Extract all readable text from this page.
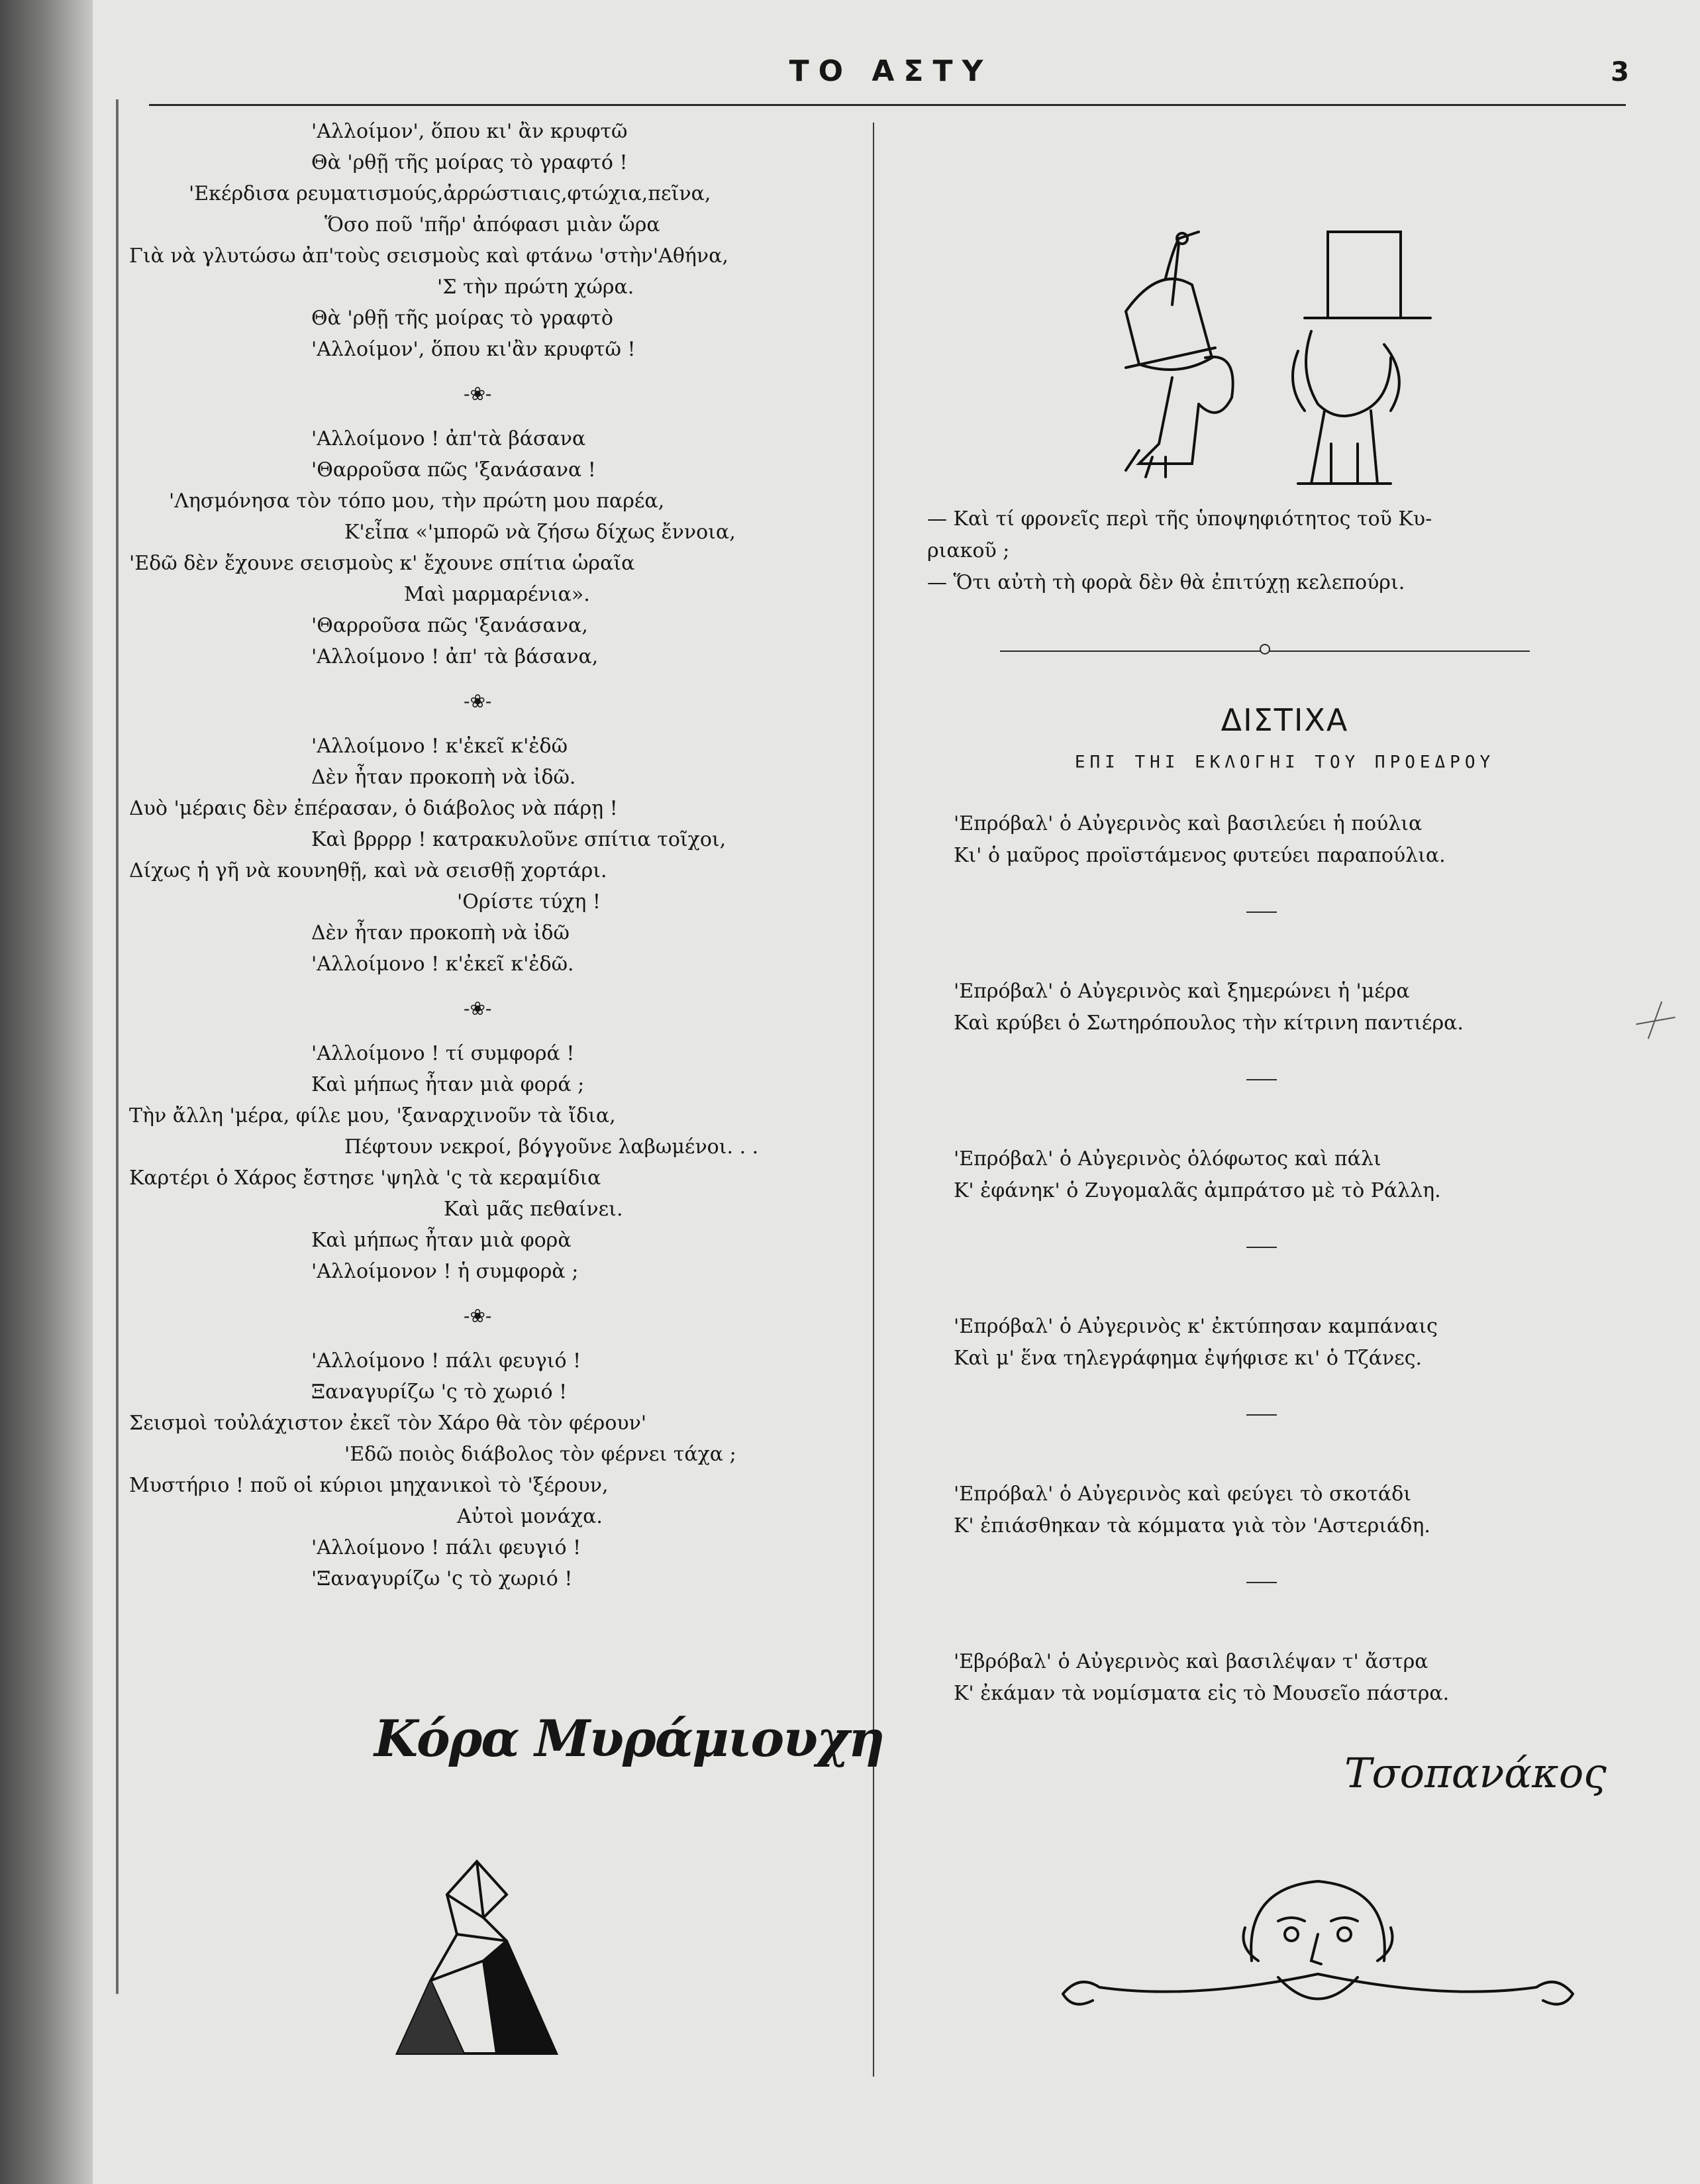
ΤΟ ΑΣΤΥ	3
'Αλλοίμον', ὅπου κι' ἂν κρυφτῶ
Θὰ 'ρθῇ τῆς μοίρας τὸ γραφτό !
'Εκέρδισα ρευματισμούς,ἀρρώστιαις,φτώχια,πεῖνα,
Ὅσο ποῦ 'πῆρ' ἀπόφασι μιὰν ὥρα
Γιὰ νὰ γλυτώσω ἀπ'τοὺς σεισμοὺς καὶ φτάνω 'στὴν'Αθήνα,
'Σ τὴν πρώτη χώρα.
Θὰ 'ρθῇ τῆς μοίρας τὸ γραφτὸ
'Αλλοίμον', ὅπου κι'ἂν κρυφτῶ !
-❀-
'Αλλοίμονο ! ἀπ'τὰ βάσανα
'Θαρροῦσα πῶς 'ξανάσανα !
'Λησμόνησα τὸν τόπο μου, τὴν πρώτη μου παρέα,
Κ'εἶπα «'μπορῶ νὰ ζήσω δίχως ἔννοια,
'Εδῶ δὲν ἔχουνε σεισμοὺς κ' ἔχουνε σπίτια ὡραῖα
Μαὶ μαρμαρένια».
'Θαρροῦσα πῶς 'ξανάσανα,
'Αλλοίμονο ! ἀπ' τὰ βάσανα,
-❀-
'Αλλοίμονο ! κ'ἐκεῖ κ'ἐδῶ
Δὲν ἦταν προκοπὴ νὰ ἰδῶ.
Δυὸ 'μέραις δὲν ἐπέρασαν, ὁ διάβολος νὰ πάρῃ !
Καὶ βρρρρ ! κατρακυλοῦνε σπίτια τοῖχοι,
Δίχως ἡ γῆ νὰ κουνηθῇ, καὶ νὰ σεισθῇ χορτάρι.
'Ορίστε τύχη !
Δὲν ἦταν προκοπὴ νὰ ἰδῶ
'Αλλοίμονο ! κ'ἐκεῖ κ'ἐδῶ.
-❀-
'Αλλοίμονο ! τί συμφορά !
Καὶ μήπως ἦταν μιὰ φορά ;
Τὴν ἄλλη 'μέρα, φίλε μου, 'ξαναρχινοῦν τὰ ἴδια,
Πέφτουν νεκροί, βόγγοῦνε λαβωμένοι. . .
Καρτέρι ὁ Χάρος ἔστησε 'ψηλὰ 'ς τὰ κεραμίδια
Καὶ μᾶς πεθαίνει.
Καὶ μήπως ἦταν μιὰ φορὰ
'Αλλοίμονον ! ἡ συμφορὰ ;
-❀-
'Αλλοίμονο ! πάλι φευγιό !
Ξαναγυρίζω 'ς τὸ χωριό !
Σεισμοὶ τοὐλάχιστον ἐκεῖ τὸν Χάρο θὰ τὸν φέρουν'
'Εδῶ ποιὸς διάβολος τὸν φέρνει τάχα ;
Μυστήριο ! ποῦ οἱ κύριοι μηχανικοὶ τὸ 'ξέρουν,
Αὐτοὶ μονάχα.
'Αλλοίμονο ! πάλι φευγιό !
'Ξαναγυρίζω 'ς τὸ χωριό !
Κόρα Μυράμιουχη
— Καὶ τί φρονεῖς περὶ τῆς ὑποψηφιότητος τοῦ Κυ-
ριακοῦ ;
— Ὅτι αὐτὴ τὴ φορὰ δὲν θὰ ἐπιτύχῃ κελεπούρι.
ΔΙΣΤΙΧΑ
ΕΠΙ ΤΗΙ ΕΚΛΟΓΗΙ ΤΟΥ ΠΡΟΕΔΡΟΥ
'Επρόβαλ' ὁ Αὐγερινὸς καὶ βασιλεύει ἡ πούλια
Κι' ὁ μαῦρος προϊστάμενος φυτεύει παραπούλια.
'Επρόβαλ' ὁ Αὐγερινὸς καὶ ξημερώνει ἡ 'μέρα
Καὶ κρύβει ὁ Σωτηρόπουλος τὴν κίτρινη παντιέρα.
'Επρόβαλ' ὁ Αὐγερινὸς ὁλόφωτος καὶ πάλι
Κ' ἐφάνηκ' ὁ Ζυγομαλᾶς ἀμπράτσο μὲ τὸ Ράλλη.
'Επρόβαλ' ὁ Αὐγερινὸς κ' ἐκτύπησαν καμπάναις
Καὶ μ' ἕνα τηλεγράφημα ἐψήφισε κι' ὁ Τζάνες.
'Επρόβαλ' ὁ Αὐγερινὸς καὶ φεύγει τὸ σκοτάδι
Κ' ἐπιάσθηκαν τὰ κόμματα γιὰ τὸν 'Αστεριάδη.
'Εβρόβαλ' ὁ Αὐγερινὸς καὶ βασιλέψαν τ' ἄστρα
Κ' ἐκάμαν τὰ νομίσματα εἰς τὸ Μουσεῖο πάστρα.
Τσοπανάκος
